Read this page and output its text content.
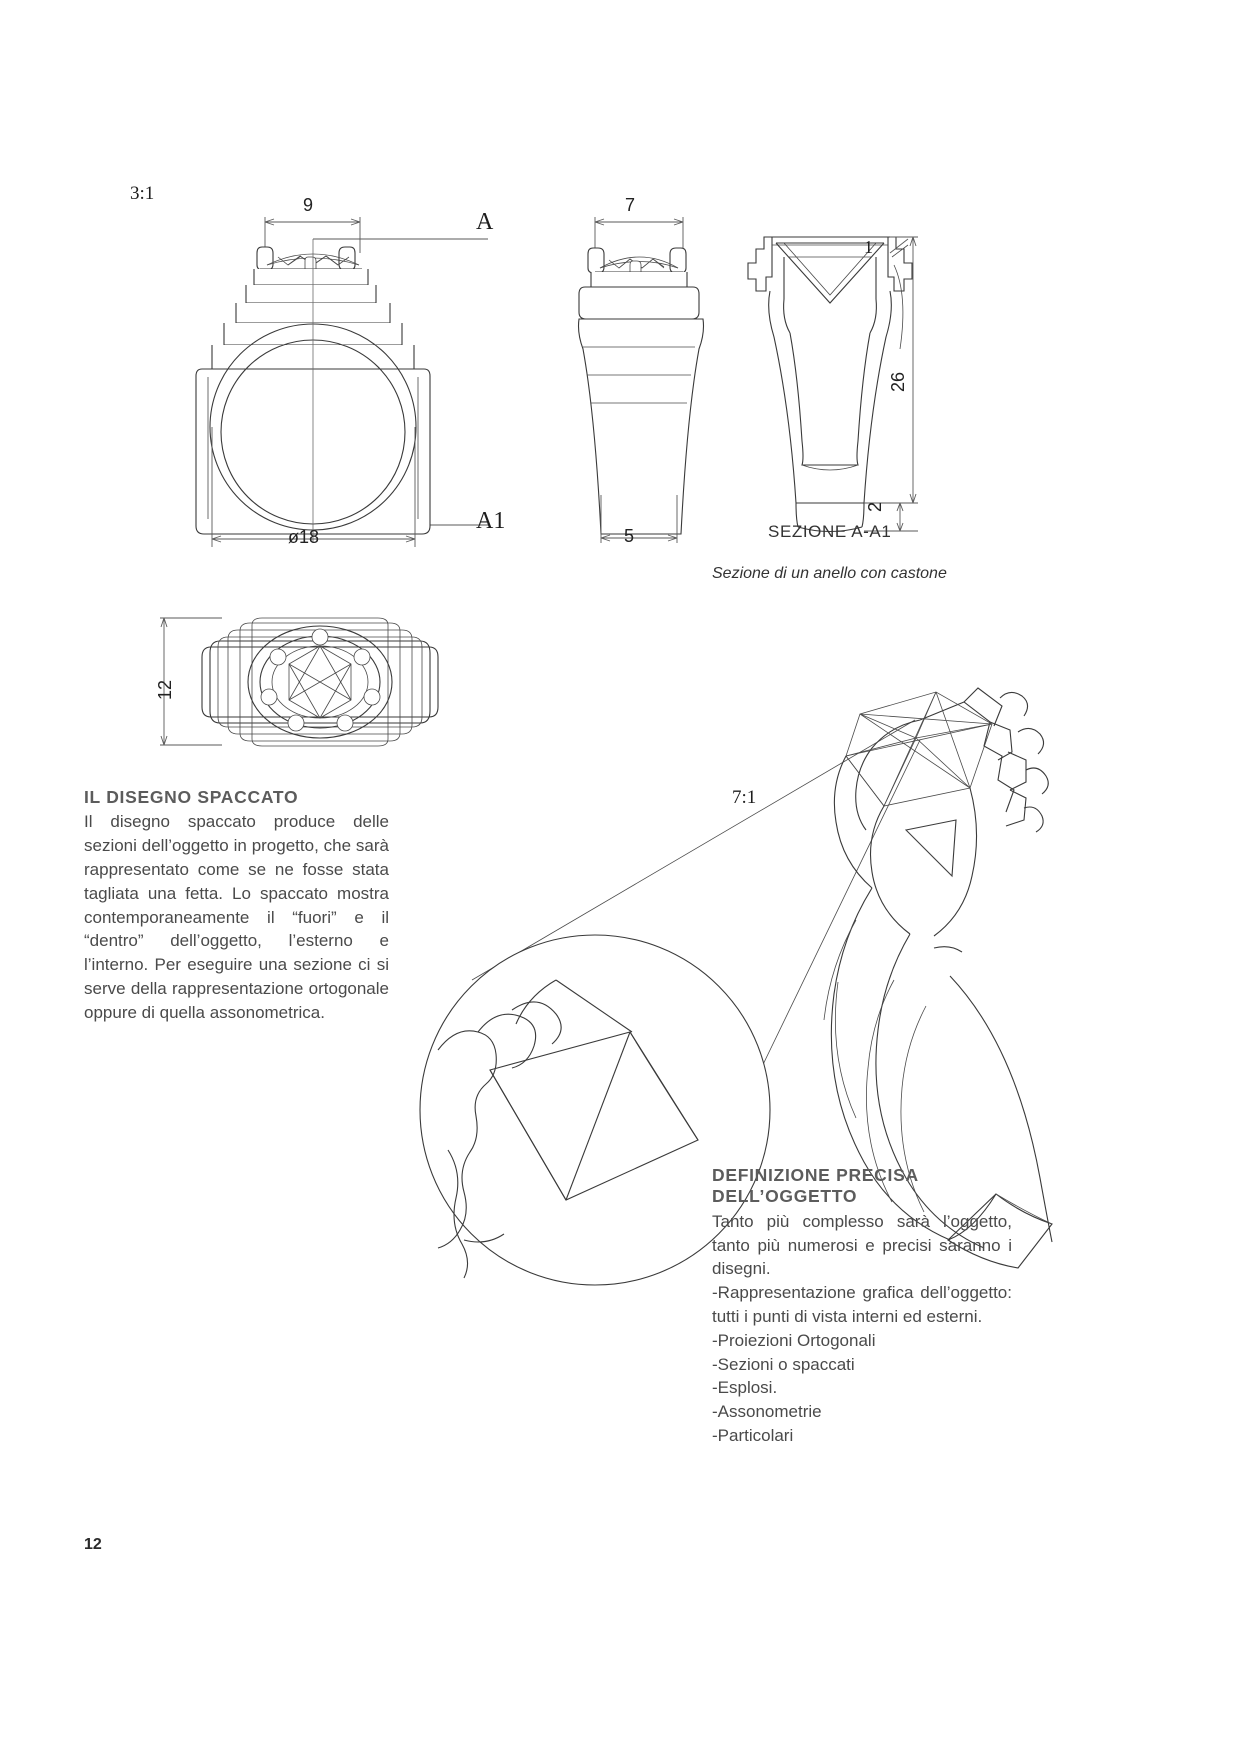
3:1
9
ø18
A
A1
7
5
26
2
1
SEZIONE A-A1
Sezione di un anello con castone
12
IL DISEGNO SPACCATO

Il disegno spaccato produce delle sezioni dell’oggetto in progetto, che sarà rappresentato come se ne fosse stata tagliata una fetta. Lo spaccato mostra contemporaneamente il “fuori” e il “dentro” dell’oggetto, l’esterno e l’interno. Per eseguire una sezione ci si serve della rappresentazione ortogonale oppure di quella assonometrica.

7:1
DEFINIZIONE PRECISA
DELL’OGGETTO

Tanto più complesso sarà l’oggetto, tanto più numerosi e precisi saranno i disegni.

-Rappresentazione grafica dell’oggetto: tutti i punti di vista interni ed esterni.

-Proiezioni Ortogonali

-Sezioni o spaccati

-Esplosi.

-Assonometrie

-Particolari

12
